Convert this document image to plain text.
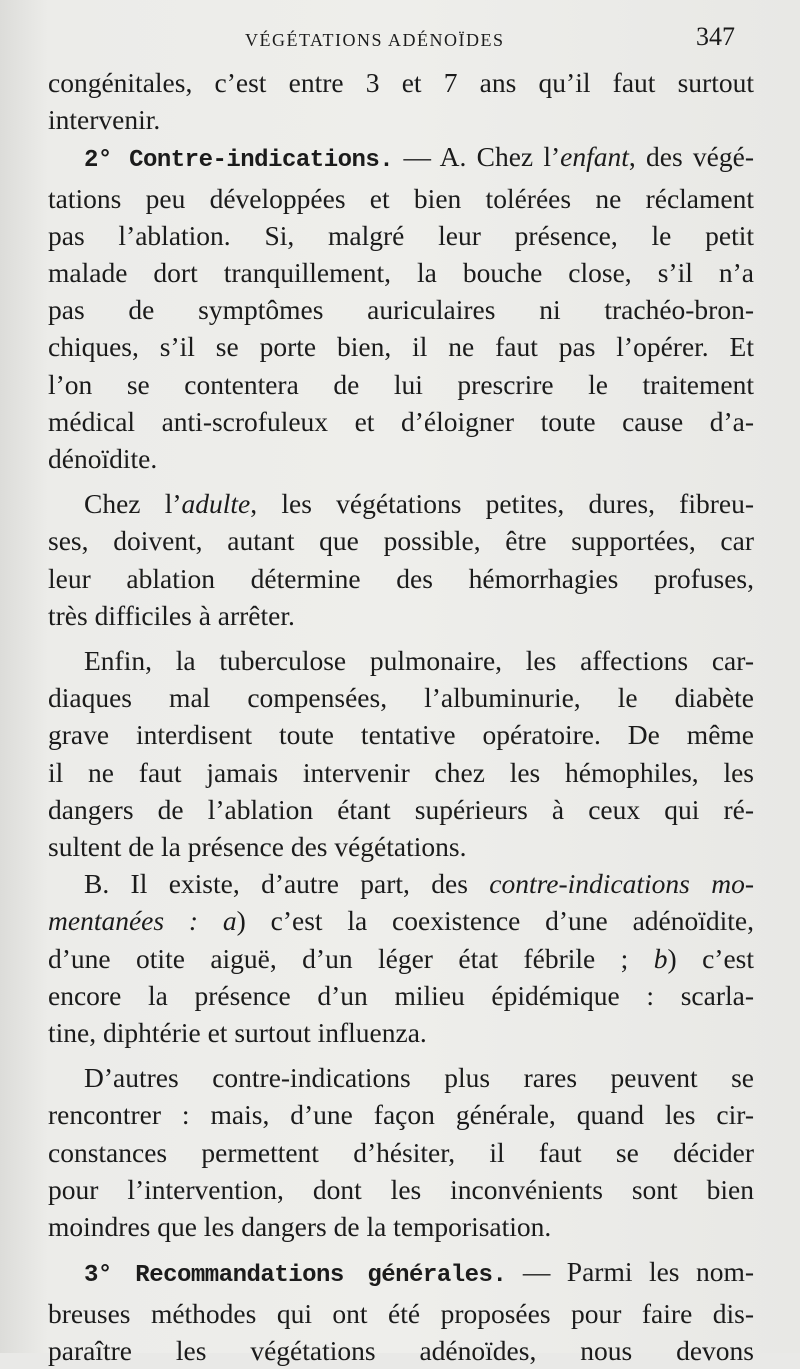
VÉGÉTATIONS ADÉNOÏDES	347

congénitales, c’est entre 3 et 7 ans qu’il faut surtout
intervenir.

2° Contre-indications. — A. Chez l’enfant, des végé-
tations peu développées et bien tolérées ne réclament
pas l’ablation. Si, malgré leur présence, le petit
malade dort tranquillement, la bouche close, s’il n’a
pas de symptômes auriculaires ni trachéo-bron-
chiques, s’il se porte bien, il ne faut pas l’opérer. Et
l’on se contentera de lui prescrire le traitement
médical anti-scrofuleux et d’éloigner toute cause d’a-
dénoïdite.

Chez l’adulte, les végétations petites, dures, fibreu-
ses, doivent, autant que possible, être supportées, car
leur ablation détermine des hémorrhagies profuses,
très difficiles à arrêter.

Enfin, la tuberculose pulmonaire, les affections car-
diaques mal compensées, l’albuminurie, le diabète
grave interdisent toute tentative opératoire. De même
il ne faut jamais intervenir chez les hémophiles, les
dangers de l’ablation étant supérieurs à ceux qui ré-
sultent de la présence des végétations.

B. Il existe, d’autre part, des contre-indications mo-
mentanées : a) c’est la coexistence d’une adénoïdite,
d’une otite aiguë, d’un léger état fébrile ; b) c’est
encore la présence d’un milieu épidémique : scarla-
tine, diphtérie et surtout influenza.

D’autres contre-indications plus rares peuvent se
rencontrer : mais, d’une façon générale, quand les cir-
constances permettent d’hésiter, il faut se décider
pour l’intervention, dont les inconvénients sont bien
moindres que les dangers de la temporisation.

3° Recommandations générales. — Parmi les nom-
breuses méthodes qui ont été proposées pour faire dis-
paraître les végétations adénoïdes, nous devons
